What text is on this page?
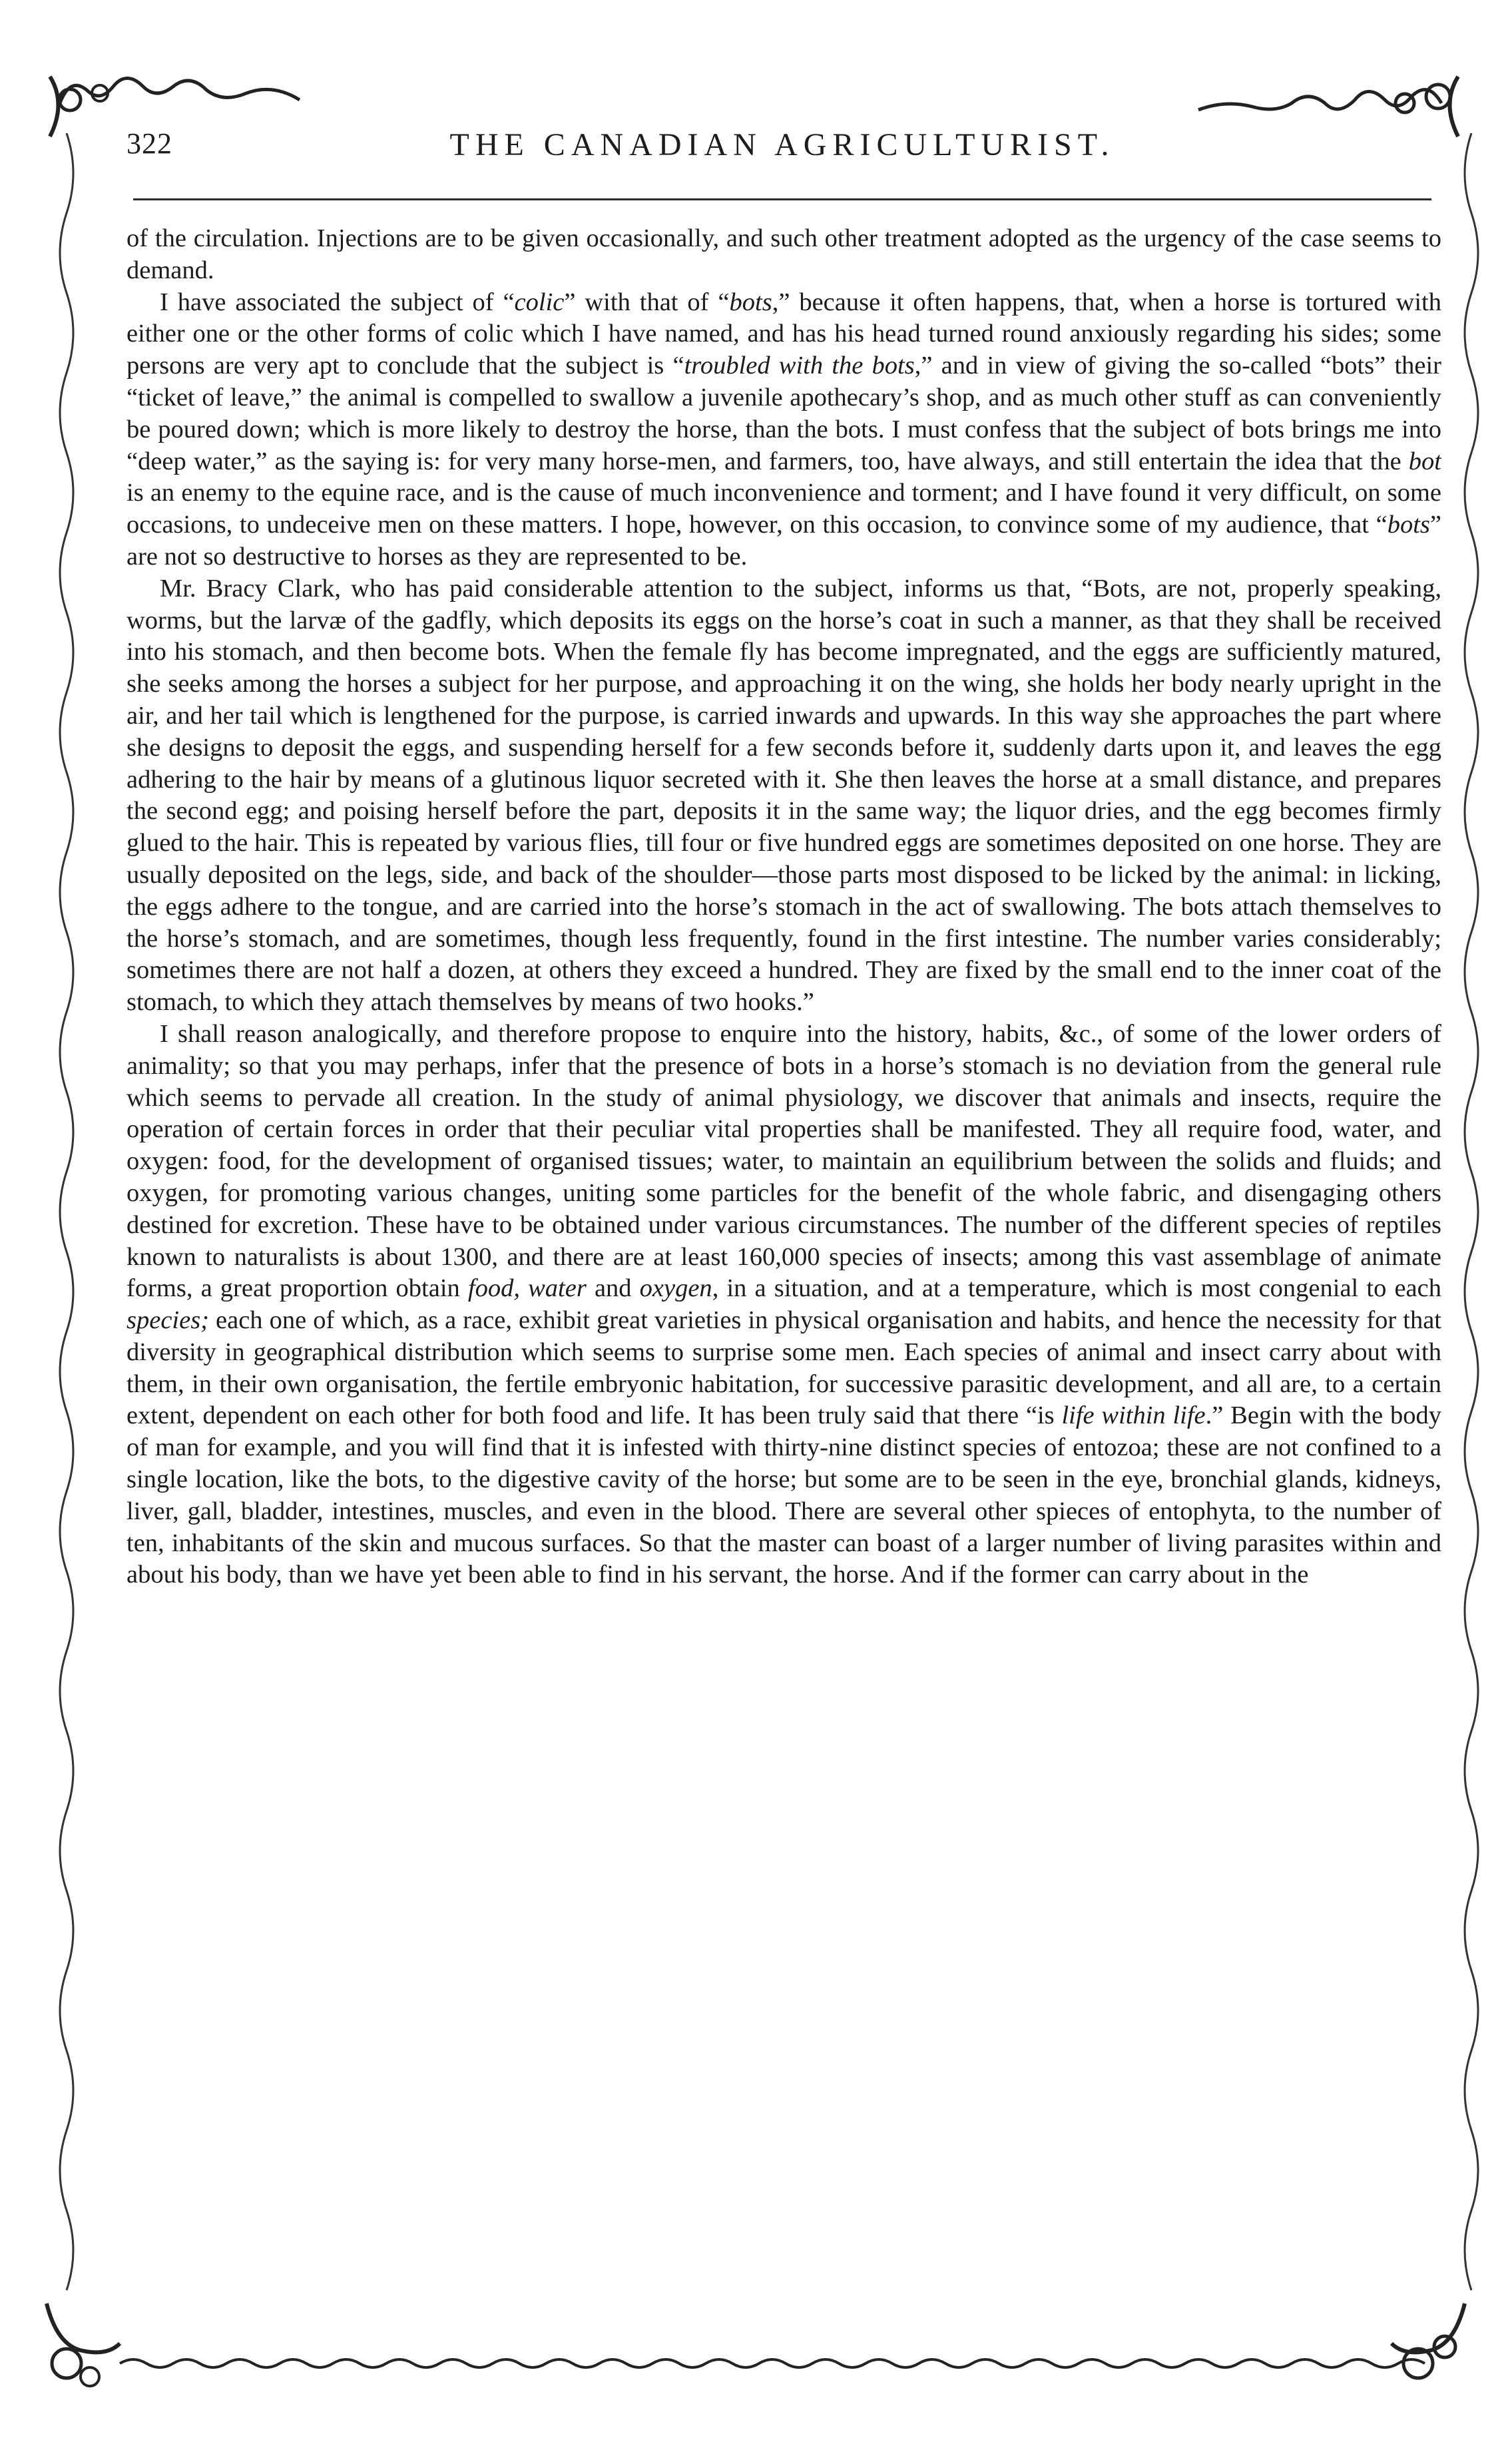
322	THE CANADIAN AGRICULTURIST.

of the circulation. Injections are to be given occasionally, and such other treatment adopted as the urgency of the case seems to demand.

I have associated the subject of “colic” with that of “bots,” because it often happens, that, when a horse is tortured with either one or the other forms of colic which I have named, and has his head turned round anxiously regarding his sides; some persons are very apt to conclude that the subject is “troubled with the bots,” and in view of giving the so-called “bots” their “ticket of leave,” the animal is compelled to swallow a juvenile apothecary’s shop, and as much other stuff as can conveniently be poured down; which is more likely to destroy the horse, than the bots. I must confess that the subject of bots brings me into “deep water,” as the saying is: for very many horse-men, and farmers, too, have always, and still entertain the idea that the bot is an enemy to the equine race, and is the cause of much inconvenience and torment; and I have found it very difficult, on some occasions, to undeceive men on these matters. I hope, however, on this occasion, to convince some of my audience, that “bots” are not so destructive to horses as they are represented to be.

Mr. Bracy Clark, who has paid considerable attention to the subject, informs us that, “Bots, are not, properly speaking, worms, but the larvæ of the gadfly, which deposits its eggs on the horse’s coat in such a manner, as that they shall be received into his stomach, and then become bots. When the female fly has become impregnated, and the eggs are sufficiently matured, she seeks among the horses a subject for her purpose, and approaching it on the wing, she holds her body nearly upright in the air, and her tail which is lengthened for the purpose, is carried inwards and upwards. In this way she approaches the part where she designs to deposit the eggs, and suspending herself for a few seconds before it, suddenly darts upon it, and leaves the egg adhering to the hair by means of a glutinous liquor secreted with it. She then leaves the horse at a small distance, and prepares the second egg; and poising herself before the part, deposits it in the same way; the liquor dries, and the egg becomes firmly glued to the hair. This is repeated by various flies, till four or five hundred eggs are sometimes deposited on one horse. They are usually deposited on the legs, side, and back of the shoulder—those parts most disposed to be licked by the animal: in licking, the eggs adhere to the tongue, and are carried into the horse’s stomach in the act of swallowing. The bots attach themselves to the horse’s stomach, and are sometimes, though less frequently, found in the first intestine. The number varies considerably; sometimes there are not half a dozen, at others they exceed a hundred. They are fixed by the small end to the inner coat of the stomach, to which they attach themselves by means of two hooks.”

I shall reason analogically, and therefore propose to enquire into the history, habits, &c., of some of the lower orders of animality; so that you may perhaps, infer that the presence of bots in a horse’s stomach is no deviation from the general rule which seems to pervade all creation. In the study of animal physiology, we discover that animals and insects, require the operation of certain forces in order that their peculiar vital properties shall be manifested. They all require food, water, and oxygen: food, for the development of organised tissues; water, to maintain an equilibrium between the solids and fluids; and oxygen, for promoting various changes, uniting some particles for the benefit of the whole fabric, and disengaging others destined for excretion. These have to be obtained under various circumstances. The number of the different species of reptiles known to naturalists is about 1300, and there are at least 160,000 species of insects; among this vast assemblage of animate forms, a great proportion obtain food, water and oxygen, in a situation, and at a temperature, which is most congenial to each species; each one of which, as a race, exhibit great varieties in physical organisation and habits, and hence the necessity for that diversity in geographical distribution which seems to surprise some men. Each species of animal and insect carry about with them, in their own organisation, the fertile embryonic habitation, for successive parasitic development, and all are, to a certain extent, dependent on each other for both food and life. It has been truly said that there “is life within life.” Begin with the body of man for example, and you will find that it is infested with thirty-nine distinct species of entozoa; these are not confined to a single location, like the bots, to the digestive cavity of the horse; but some are to be seen in the eye, bronchial glands, kidneys, liver, gall, bladder, intestines, muscles, and even in the blood. There are several other spieces of entophyta, to the number of ten, inhabitants of the skin and mucous surfaces. So that the master can boast of a larger number of living parasites within and about his body, than we have yet been able to find in his servant, the horse. And if the former can carry about in the
